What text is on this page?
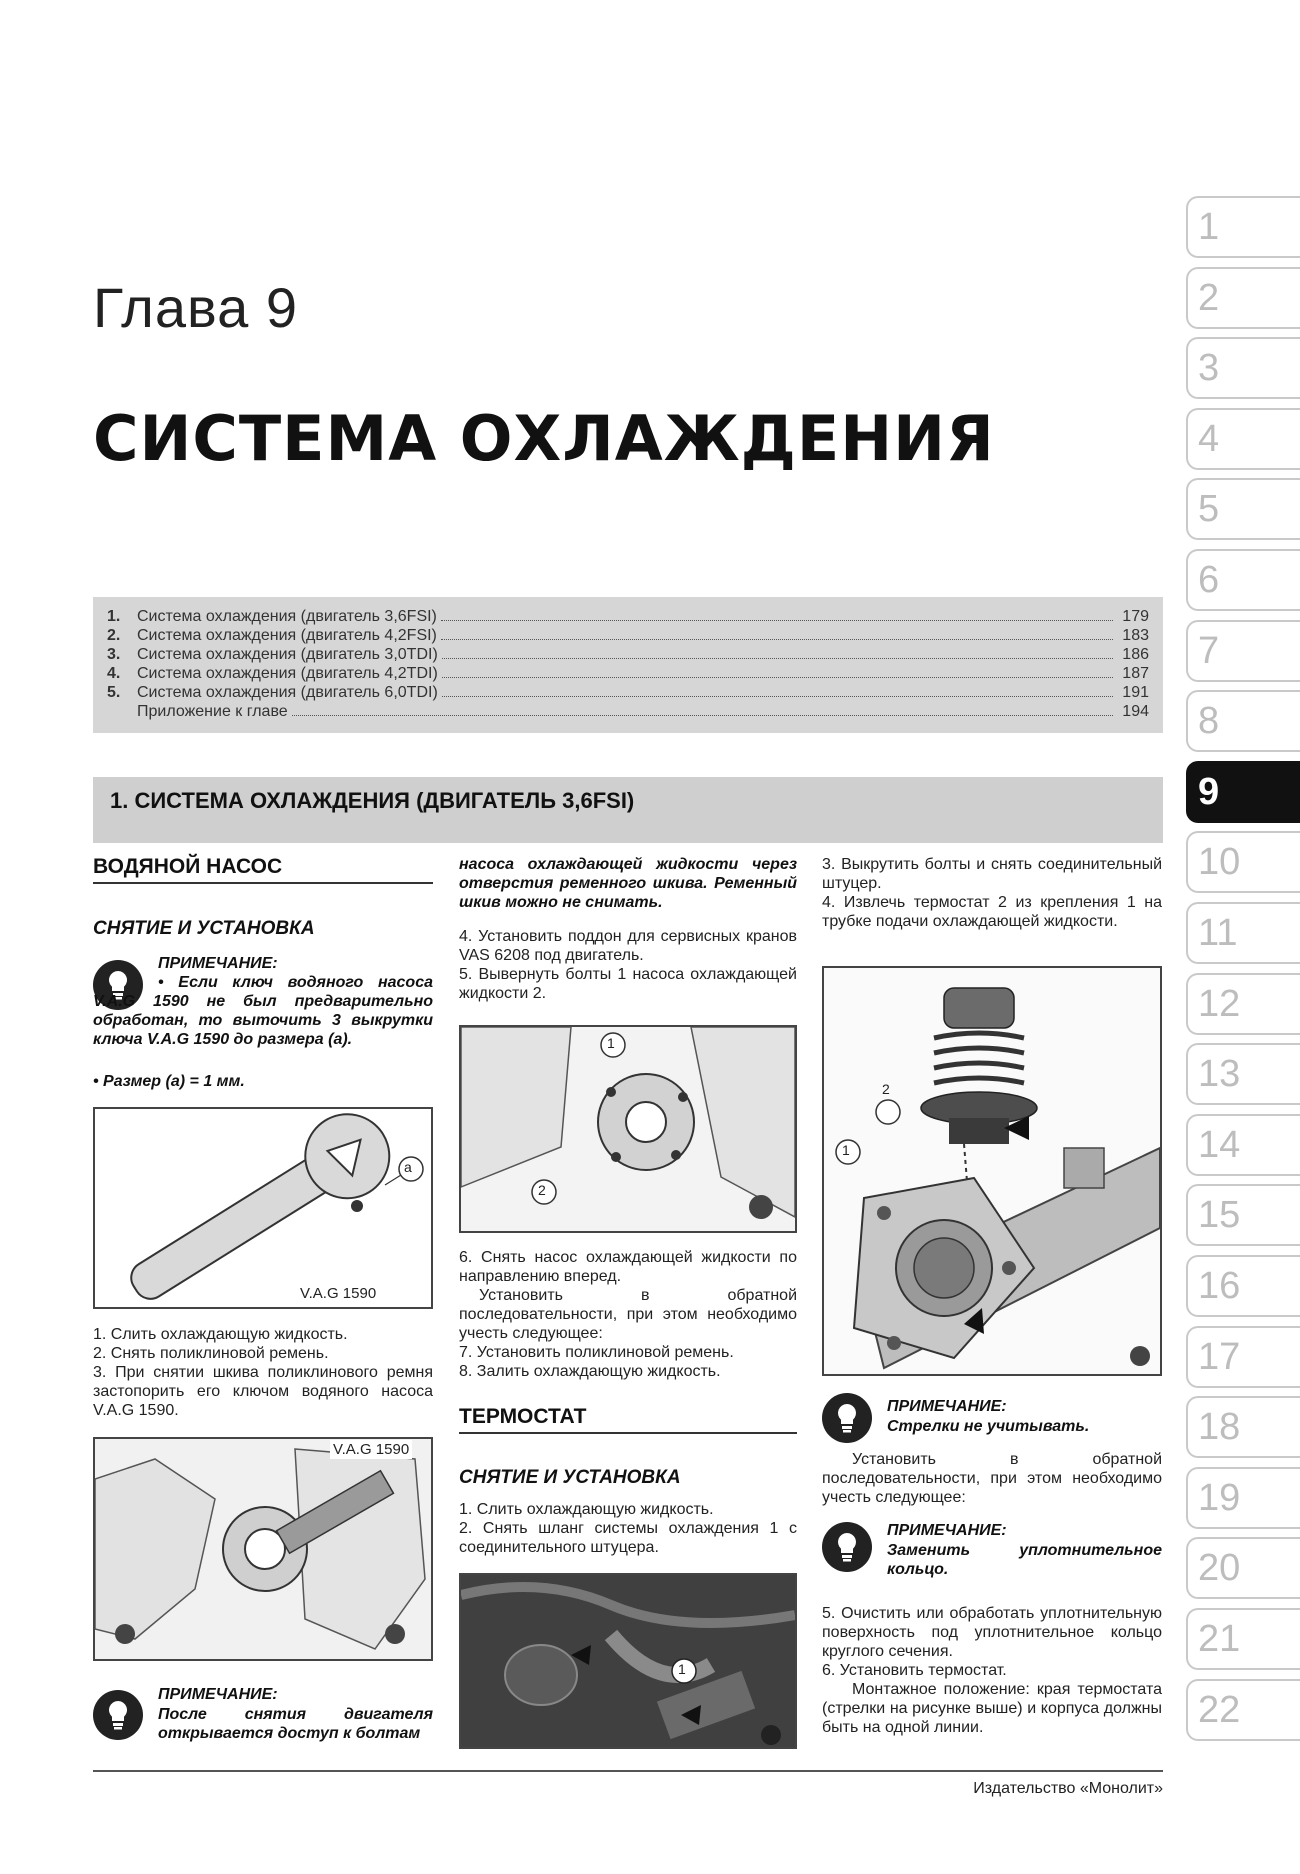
Глава 9
СИСТЕМА ОХЛАЖДЕНИЯ
1.	Система охлаждения (двигатель 3,6FSI)	179
2.	Система охлаждения (двигатель 4,2FSI)	183
3.	Система охлаждения (двигатель 3,0TDI)	186
4.	Система охлаждения (двигатель 4,2TDI)	187
5.	Система охлаждения (двигатель 6,0TDI)	191
Приложение к главе	194
1
2
3
4
5
6
7
8
9
10
11
12
13
14
15
16
17
18
19
20
21
22
1. СИСТЕМА ОХЛАЖДЕНИЯ (ДВИГАТЕЛЬ 3,6FSI)
ВОДЯНОЙ НАСОС
СНЯТИЕ И УСТАНОВКА
ПРИМЕЧАНИЕ:
• Если ключ водяного насоса V.A.G 1590 не был предварительно обработан, то выточить 3 выкрутки ключа V.A.G 1590 до размера (а).
• Размер (а) = 1 мм.
V.A.G 1590
a
1. Слить охлаждающую жидкость.
2. Снять поликлиновой ремень.
3. При снятии шкива поликлинового ремня застопорить его ключом водяного насоса V.A.G 1590.
V.A.G 1590
ПРИМЕЧАНИЕ:
После снятия двигателя открывается доступ к болтам
насоса охлаждающей жидкости через отверстия ременного шкива. Ременный шкив можно не снимать.
4. Установить поддон для сервисных кранов VAS 6208 под двигатель.
5. Вывернуть болты 1 насоса охлаждающей жидкости 2.
1
2
6. Снять насос охлаждающей жидкости по направлению вперед.
Установить в обратной последовательности, при этом необходимо учесть следующее:
7. Установить поликлиновой ремень.
8. Залить охлаждающую жидкость.
ТЕРМОСТАТ
СНЯТИЕ И УСТАНОВКА
1. Слить охлаждающую жидкость.
2. Снять шланг системы охлаждения 1 с соединительного штуцера.
1
3. Выкрутить болты и снять соединительный штуцер.
4. Извлечь термостат 2 из крепления 1 на трубке подачи охлаждающей жидкости.
2
1
ПРИМЕЧАНИЕ:
Стрелки не учитывать.
Установить в обратной последовательности, при этом необходимо учесть следующее:
ПРИМЕЧАНИЕ:
Заменить уплотнительное кольцо.
5. Очистить или обработать уплотнительную поверхность под уплотнительное кольцо круглого сечения.
6. Установить термостат.
Монтажное положение: края термостата (стрелки на рисунке выше) и корпуса должны быть на одной линии.
Издательство «Монолит»
